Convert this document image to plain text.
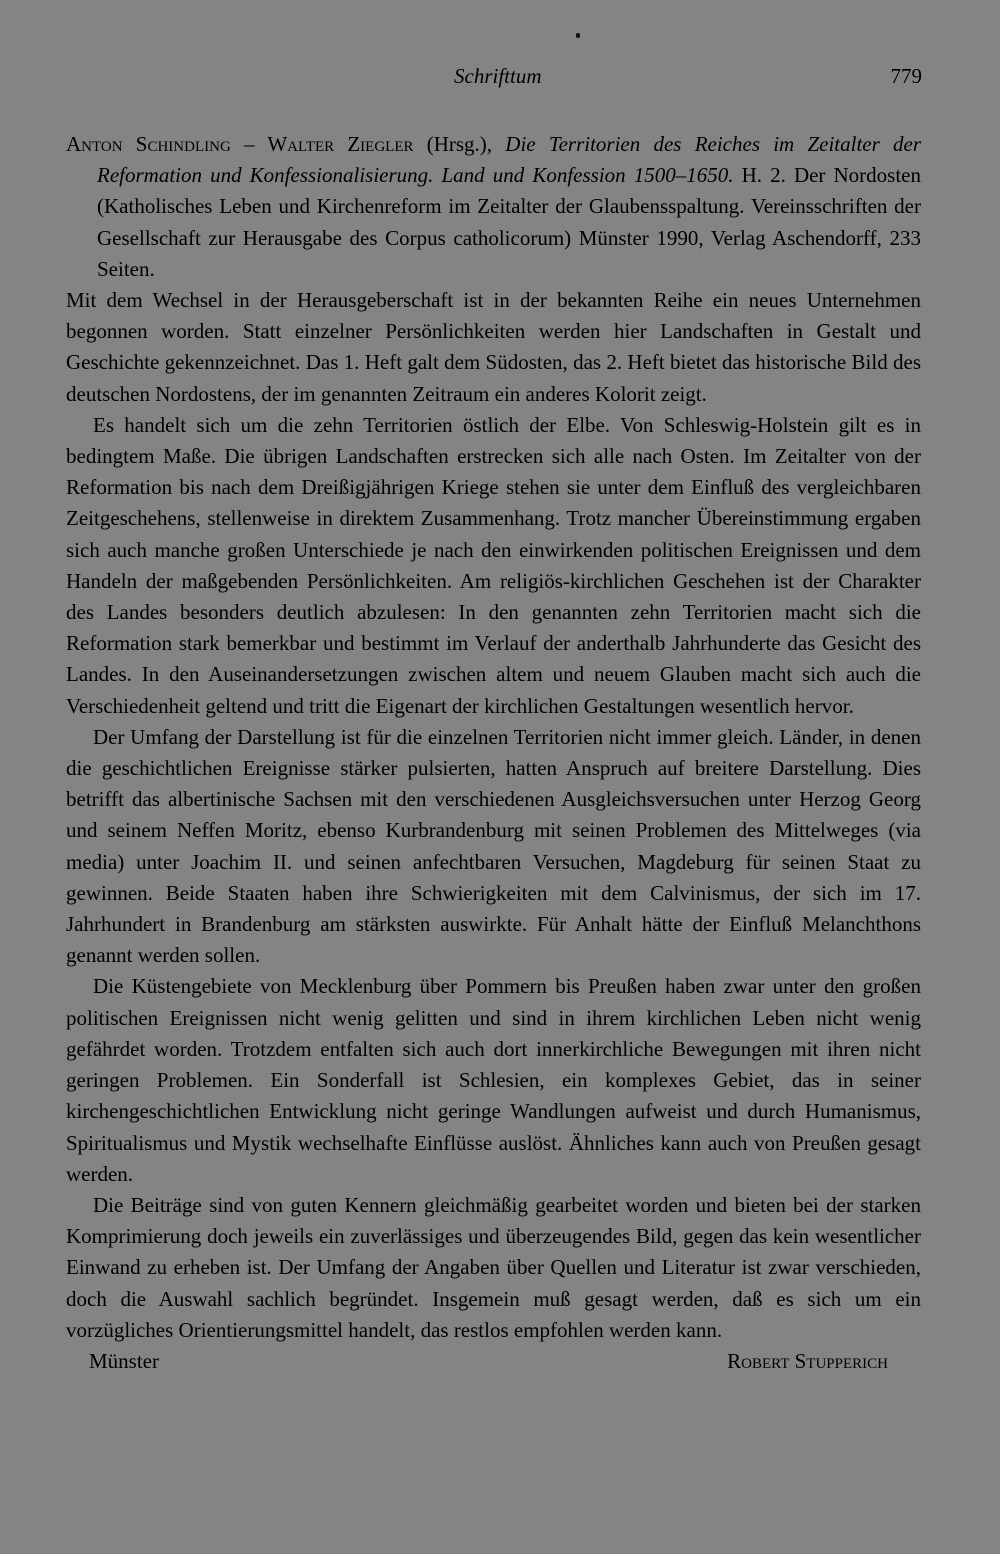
Schrifttum	779

Anton Schindling – Walter Ziegler (Hrsg.), Die Territorien des Reiches im Zeitalter der Reformation und Konfessionalisierung. Land und Konfession 1500–1650. H. 2. Der Nordosten (Katholisches Leben und Kirchenreform im Zeitalter der Glaubensspaltung. Vereinsschriften der Gesellschaft zur Herausgabe des Corpus catholicorum) Münster 1990, Verlag Aschendorff, 233 Seiten.

Mit dem Wechsel in der Herausgeberschaft ist in der bekannten Reihe ein neues Unternehmen begonnen worden. Statt einzelner Persönlichkeiten werden hier Landschaften in Gestalt und Geschichte gekennzeichnet. Das 1. Heft galt dem Südosten, das 2. Heft bietet das historische Bild des deutschen Nordostens, der im genannten Zeitraum ein anderes Kolorit zeigt.

Es handelt sich um die zehn Territorien östlich der Elbe. Von Schleswig-Holstein gilt es in bedingtem Maße. Die übrigen Landschaften erstrecken sich alle nach Osten. Im Zeitalter von der Reformation bis nach dem Dreißigjährigen Kriege stehen sie unter dem Einfluß des vergleichbaren Zeitgeschehens, stellenweise in direktem Zusammenhang. Trotz mancher Übereinstimmung ergaben sich auch manche großen Unterschiede je nach den einwirkenden politischen Ereignissen und dem Handeln der maßgebenden Persönlichkeiten. Am religiös-kirchlichen Geschehen ist der Charakter des Landes besonders deutlich abzulesen: In den genannten zehn Territorien macht sich die Reformation stark bemerkbar und bestimmt im Verlauf der anderthalb Jahrhunderte das Gesicht des Landes. In den Auseinandersetzungen zwischen altem und neuem Glauben macht sich auch die Verschiedenheit geltend und tritt die Eigenart der kirchlichen Gestaltungen wesentlich hervor.

Der Umfang der Darstellung ist für die einzelnen Territorien nicht immer gleich. Länder, in denen die geschichtlichen Ereignisse stärker pulsierten, hatten Anspruch auf breitere Darstellung. Dies betrifft das albertinische Sachsen mit den verschiedenen Ausgleichsversuchen unter Herzog Georg und seinem Neffen Moritz, ebenso Kurbrandenburg mit seinen Problemen des Mittelweges (via media) unter Joachim II. und seinen anfechtbaren Versuchen, Magdeburg für seinen Staat zu gewinnen. Beide Staaten haben ihre Schwierigkeiten mit dem Calvinismus, der sich im 17. Jahrhundert in Brandenburg am stärksten auswirkte. Für Anhalt hätte der Einfluß Melanchthons genannt werden sollen.

Die Küstengebiete von Mecklenburg über Pommern bis Preußen haben zwar unter den großen politischen Ereignissen nicht wenig gelitten und sind in ihrem kirchlichen Leben nicht wenig gefährdet worden. Trotzdem entfalten sich auch dort innerkirchliche Bewegungen mit ihren nicht geringen Problemen. Ein Sonderfall ist Schlesien, ein komplexes Gebiet, das in seiner kirchengeschichtlichen Entwicklung nicht geringe Wandlungen aufweist und durch Humanismus, Spiritualismus und Mystik wechselhafte Einflüsse auslöst. Ähnliches kann auch von Preußen gesagt werden.

Die Beiträge sind von guten Kennern gleichmäßig gearbeitet worden und bieten bei der starken Komprimierung doch jeweils ein zuverlässiges und überzeugendes Bild, gegen das kein wesentlicher Einwand zu erheben ist. Der Umfang der Angaben über Quellen und Literatur ist zwar verschieden, doch die Auswahl sachlich begründet. Insgemein muß gesagt werden, daß es sich um ein vorzügliches Orientierungsmittel handelt, das restlos empfohlen werden kann.

Münster	Robert Stupperich
